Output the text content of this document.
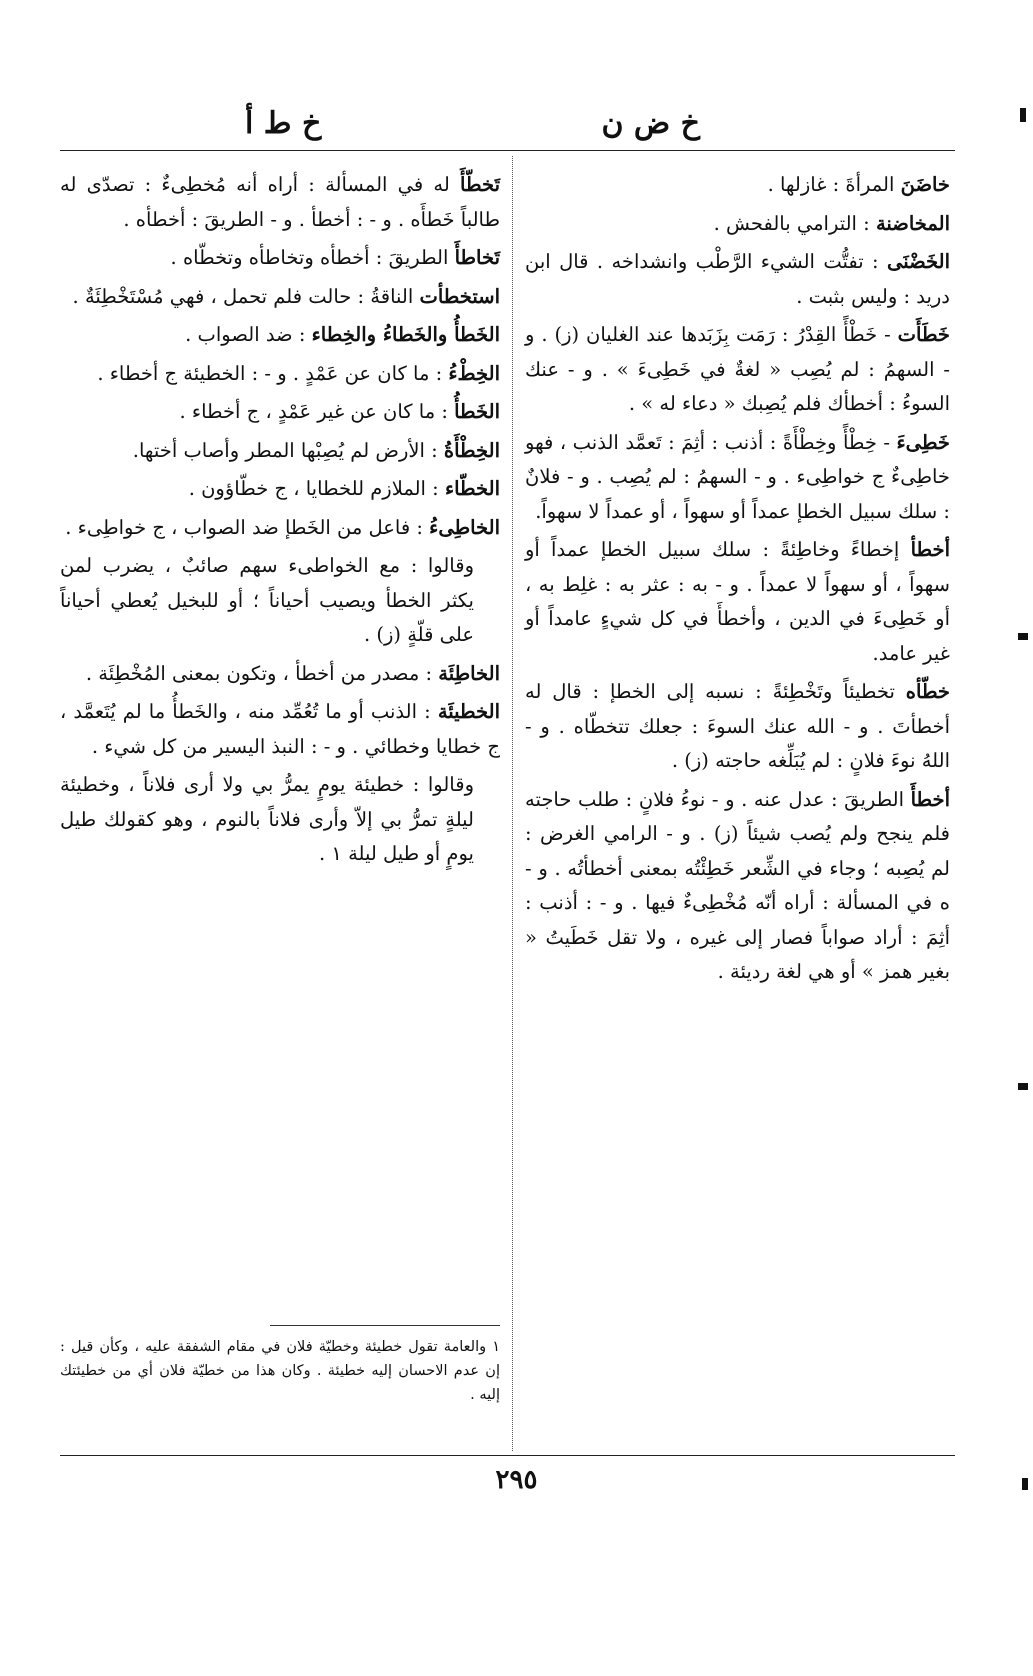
خ ض ن
خ ط أ

خاضَنَ المرأةَ : غازلها .

المخاضنة : الترامي بالفحش .

الخَضْنَى : تفتُّت الشيء الرَّطْب وانشداخه . قال ابن دريد : وليس بثبت .

خَطَأَت - خَطْأً القِدْرُ : رَمَت بِزَبَدها عند الغليان (ز) . و - السهمُ : لم يُصِب « لغةٌ في خَطِىءَ » . و - عنك السوءُ : أخطأك فلم يُصِبك « دعاء له » .

خَطِىءَ - خِطْأً وخِطْأَةً : أذنب : أثِمَ : تَعمَّد الذنب ، فهو خاطِىءٌ ج خواطِىء . و - السهمُ : لم يُصِب . و - فلانٌ : سلك سبيل الخطإ عمداً أو سهواً ، أو عمداً لا سهواً.

أخطأ إخطاءً وخاطِئةً : سلك سبيل الخطإ عمداً أو سهواً ، أو سهواً لا عمداً . و - به : عثر به : غلِط به ، أو خَطِىءَ في الدين ، وأخطأَ في كل شيءٍ عامداً أو غير عامد.

خطّأه تخطيئاً وتَخْطِئةً : نسبه إلى الخطإ : قال له أخطأتَ . و - الله عنك السوءَ : جعلك تتخطّاه . و - اللهُ نوءَ فلانٍ : لم يُبَلِّغه حاجته (ز) .

أخطأَ الطريقَ : عدل عنه . و - نوءُ فلانٍ : طلب حاجته فلم ينجح ولم يُصب شيئاً (ز) . و - الرامي الغرض : لم يُصِبه ؛ وجاء في الشِّعر خَطِئْتُه بمعنى أخطأتُه . و - ه في المسألة : أراه أنّه مُخْطِىءٌ فيها . و - : أذنب : أثِمَ : أراد صواباً فصار إلى غيره ، ولا تقل خَطَيتُ « بغير همز » أو هي لغة رديئة .

تَخطّأَ له في المسألة : أراه أنه مُخطِىءٌ : تصدّى له طالباً خَطأَه . و - : أخطأ . و - الطريقَ : أخطأه .

تَخاطأَ الطريقَ : أخطأه وتخاطأه وتخطّاه .

استخطأت الناقةُ : حالت فلم تحمل ، فهي مُسْتَخْطِئَةٌ .

الخَطأُ والخَطاءُ والخِطاء : ضد الصواب .

الخِطْءُ : ما كان عن عَمْدٍ . و - : الخطيئة ج أخطاء .

الخَطأُ : ما كان عن غير عَمْدٍ ، ج أخطاء .

الخِطْأَةُ : الأرض لم يُصِبْها المطر وأصاب أختها.

الخطّاء : الملازم للخطايا ، ج خطّاؤون .

الخاطِىءُ : فاعل من الخَطإ ضد الصواب ، ج خواطِىء .

وقالوا : مع الخواطىء سهم صائبٌ ، يضرب لمن يكثر الخطأ ويصيب أحياناً ؛ أو للبخيل يُعطي أحياناً على قلّةٍ (ز) .

الخاطِئَة : مصدر من أخطأ ، وتكون بمعنى المُخْطِئَة .

الخطيئَة : الذنب أو ما تُعُمِّد منه ، والخَطأُ ما لم يُتَعمَّد ، ج خطايا وخطائي . و - : النبذ اليسير من كل شيء .

وقالوا : خطيئة يومٍ يمرُّ بي ولا أرى فلاناً ، وخطيئة ليلةٍ تمرُّ بي إلاّ وأرى فلاناً بالنوم ، وهو كقولك طيل يومٍ أو طيل ليلة ١ .

١ والعامة تقول خطيئة وخطيّة فلان في مقام الشفقة عليه ، وكأن قيل : إن عدم الاحسان إليه خطيئة . وكان هذا من خطيّة فلان أي من خطيئتك إليه .
٢٩٥
